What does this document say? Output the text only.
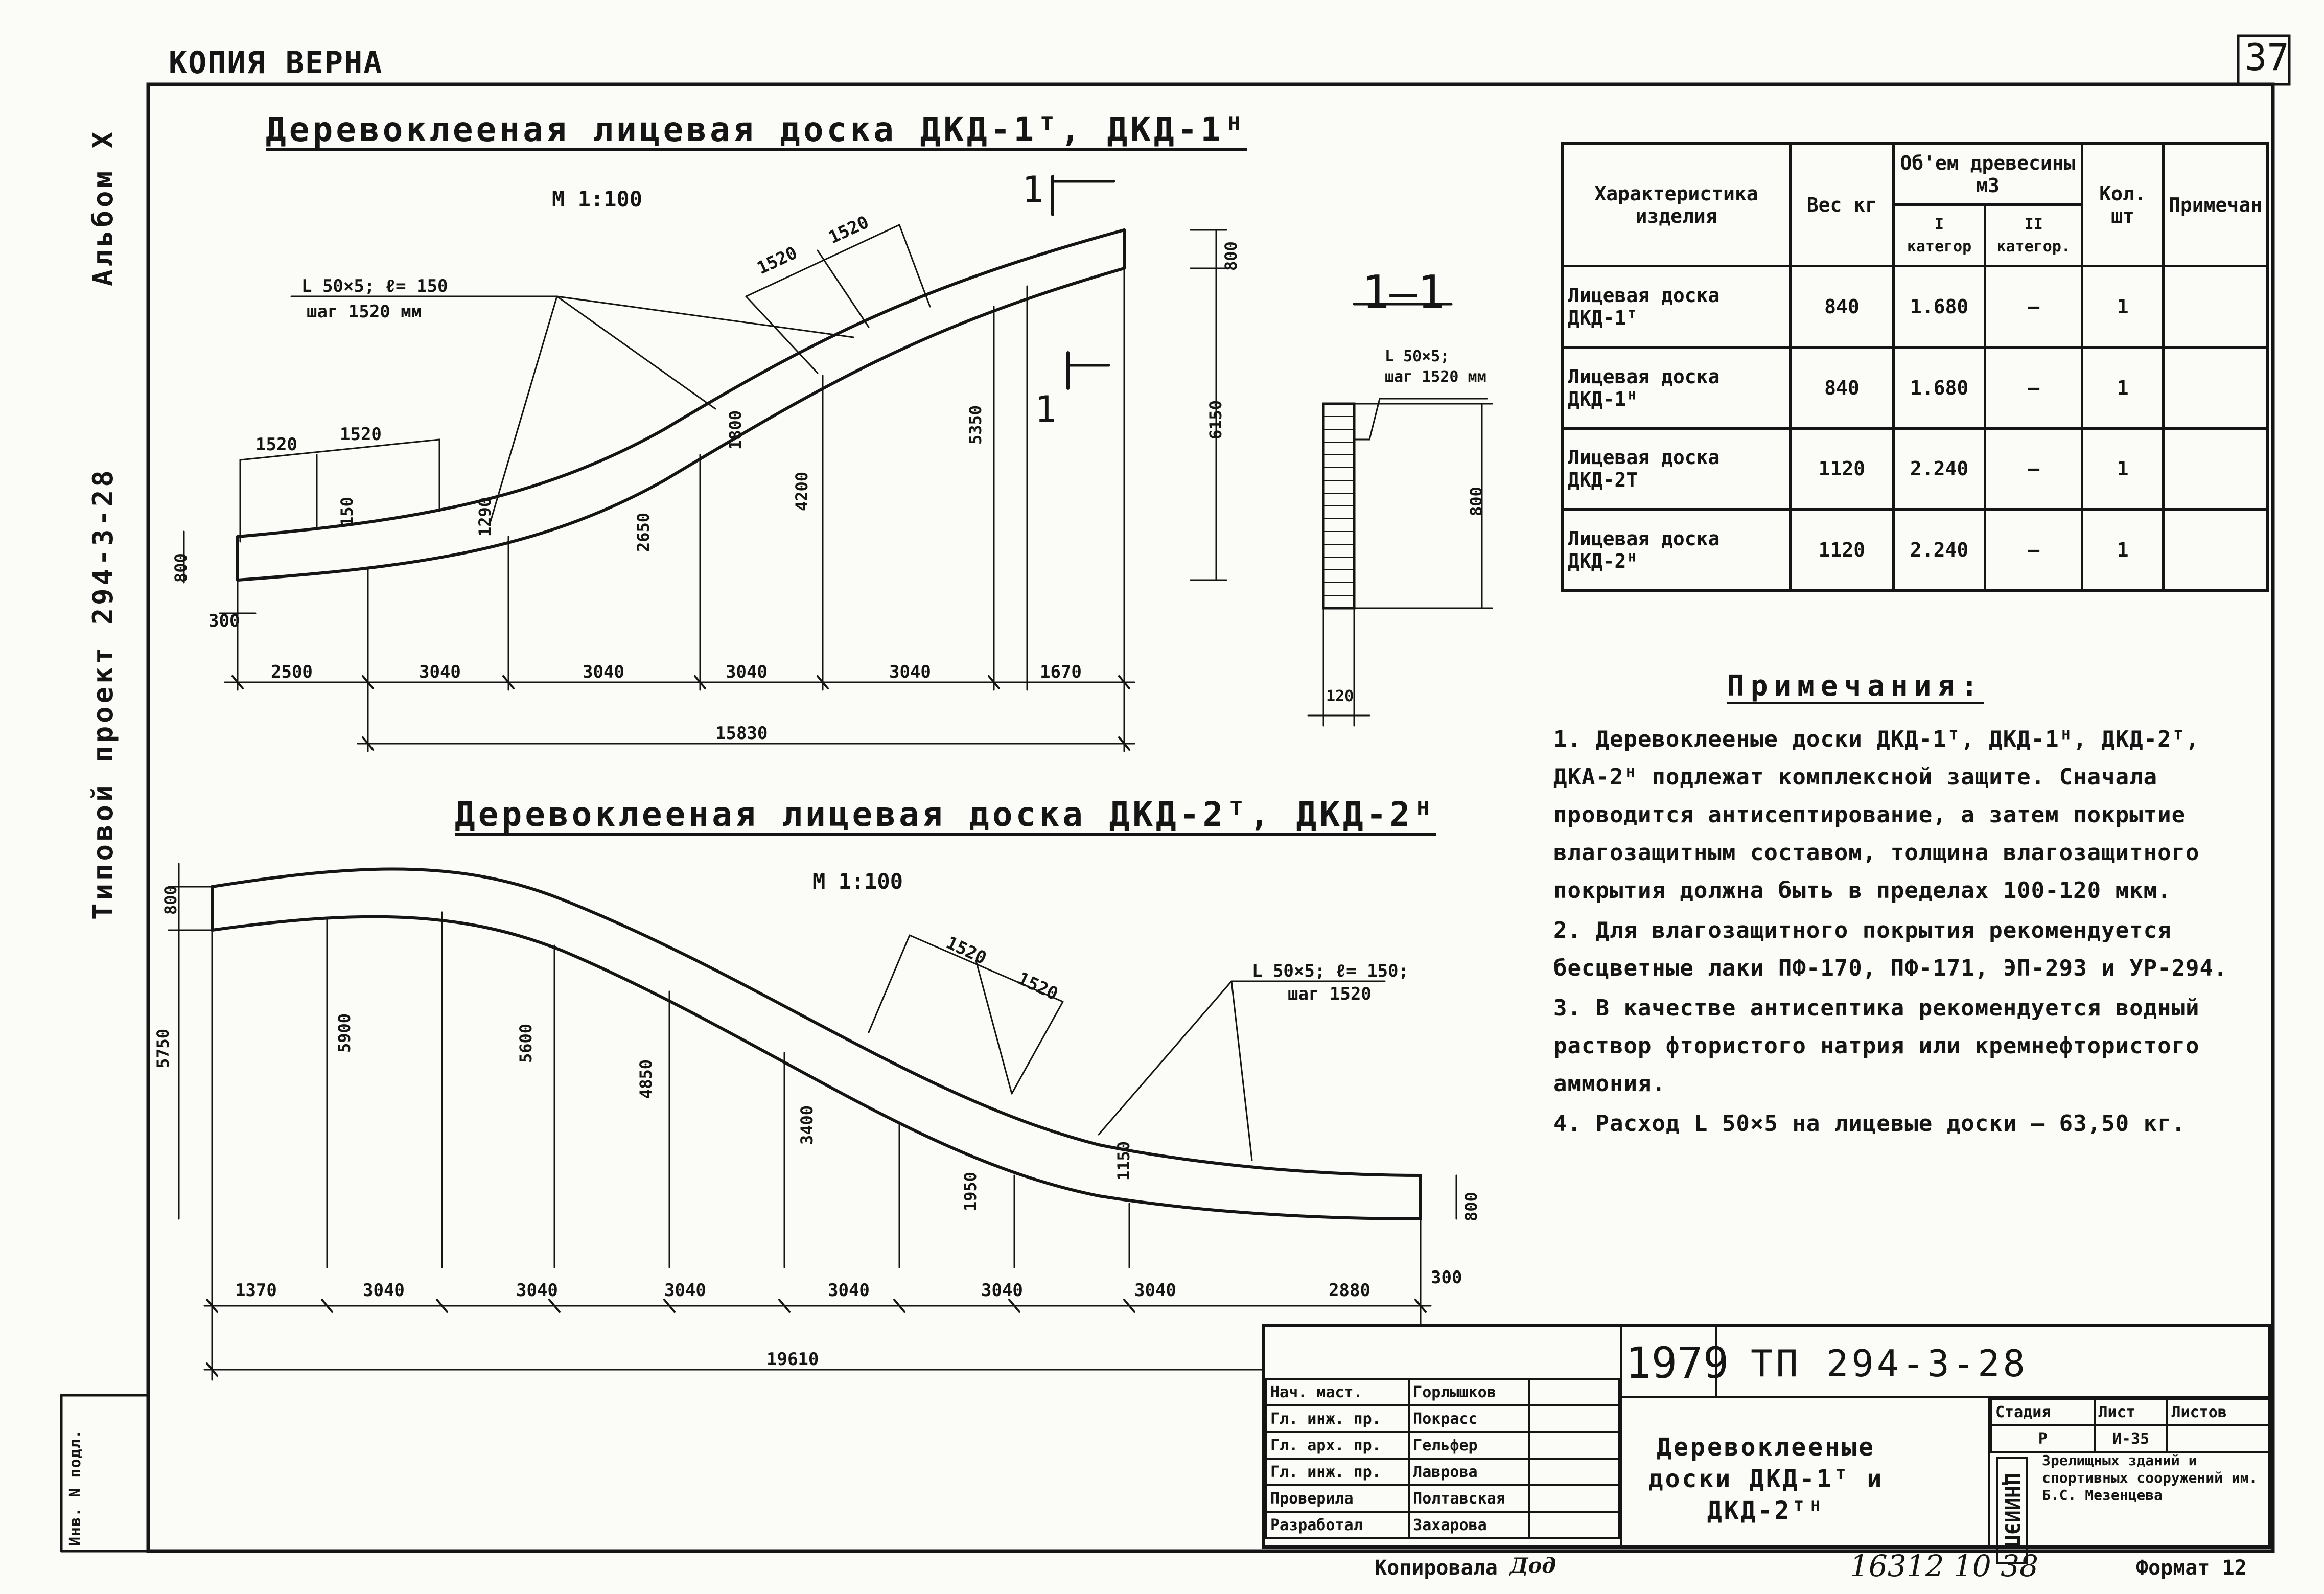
КОПИЯ ВЕРНА	37
Типовой проект 294-3-28
Альбом X
Инв. N подл.
Деревоклееная лицевая доска ДКД-1ᵀ, ДКД-1ᴴ
М 1:100	1
1
L 50×5; ℓ= 150
шаг 1520 мм
1520 1520
1520
1520
800
300
150	1290	2650
1800
4200
5350	6150
800
2500	3040	3040	3040	3040	1670
15830
1—1
L 50×5;
шаг 1520 мм
800
120
Характеристика изделия	Вес кг	Об'ем древесины м3		Кол. шт	Примечан
		I категор	II категор.		
Лицевая доска ДКД-1ᵀ	840	1.680	—	1	
Лицевая доска ДКД-1ᴴ	840	1.680	—	1	
Лицевая доска ДКД-2Т	1120	2.240	—	1	
Лицевая доска ДКД-2ᴴ	1120	2.240	—	1	
Примечания:

1. Деревоклееные доски ДКД-1ᵀ, ДКД-1ᴴ, ДКД-2ᵀ, ДКА-2ᴴ подлежат комплексной защите. Сначала проводится антисептирование, а затем покрытие влагозащитным составом, толщина влагозащитного покрытия должна быть в пределах 100-120 мкм.

2. Для влагозащитного покрытия рекомендуется бесцветные лаки ПФ-170, ПФ-171, ЭП-293 и УР-294.

3. В качестве антисептика рекомендуется водный раствор фтористого натрия или кремнефтористого аммония.

4. Расход L 50×5 на лицевые доски — 63,50 кг.

Деревоклееная лицевая доска ДКД-2ᵀ, ДКД-2ᴴ
М 1:100
L 50×5; ℓ= 150;
шаг 1520
1520
1520
800
5750	5900	5600
4850
3400
1950
1150
800
300
1370	3040	3040	3040	3040	3040	3040	2880
19610
Нач. маст.	Горлышков	
Гл. инж. пр.	Покрасс	
Гл. арх. пр.	Гельфер	
Гл. инж. пр.	Лаврова	
Проверила	Полтавская	
Разработал	Захарова	
1979 ТП 294-3-28
Деревоклееные доски ДКД-1ᵀ и ДКД-2ᵀᴴ
Стадия	Лист	Листов
Р	И-35	
ЦНИИЭП
Зрелищных зданий и спортивных сооружений им. Б.С. Мезенцева
Копировала Дод	16312 10 38	Формат 12
